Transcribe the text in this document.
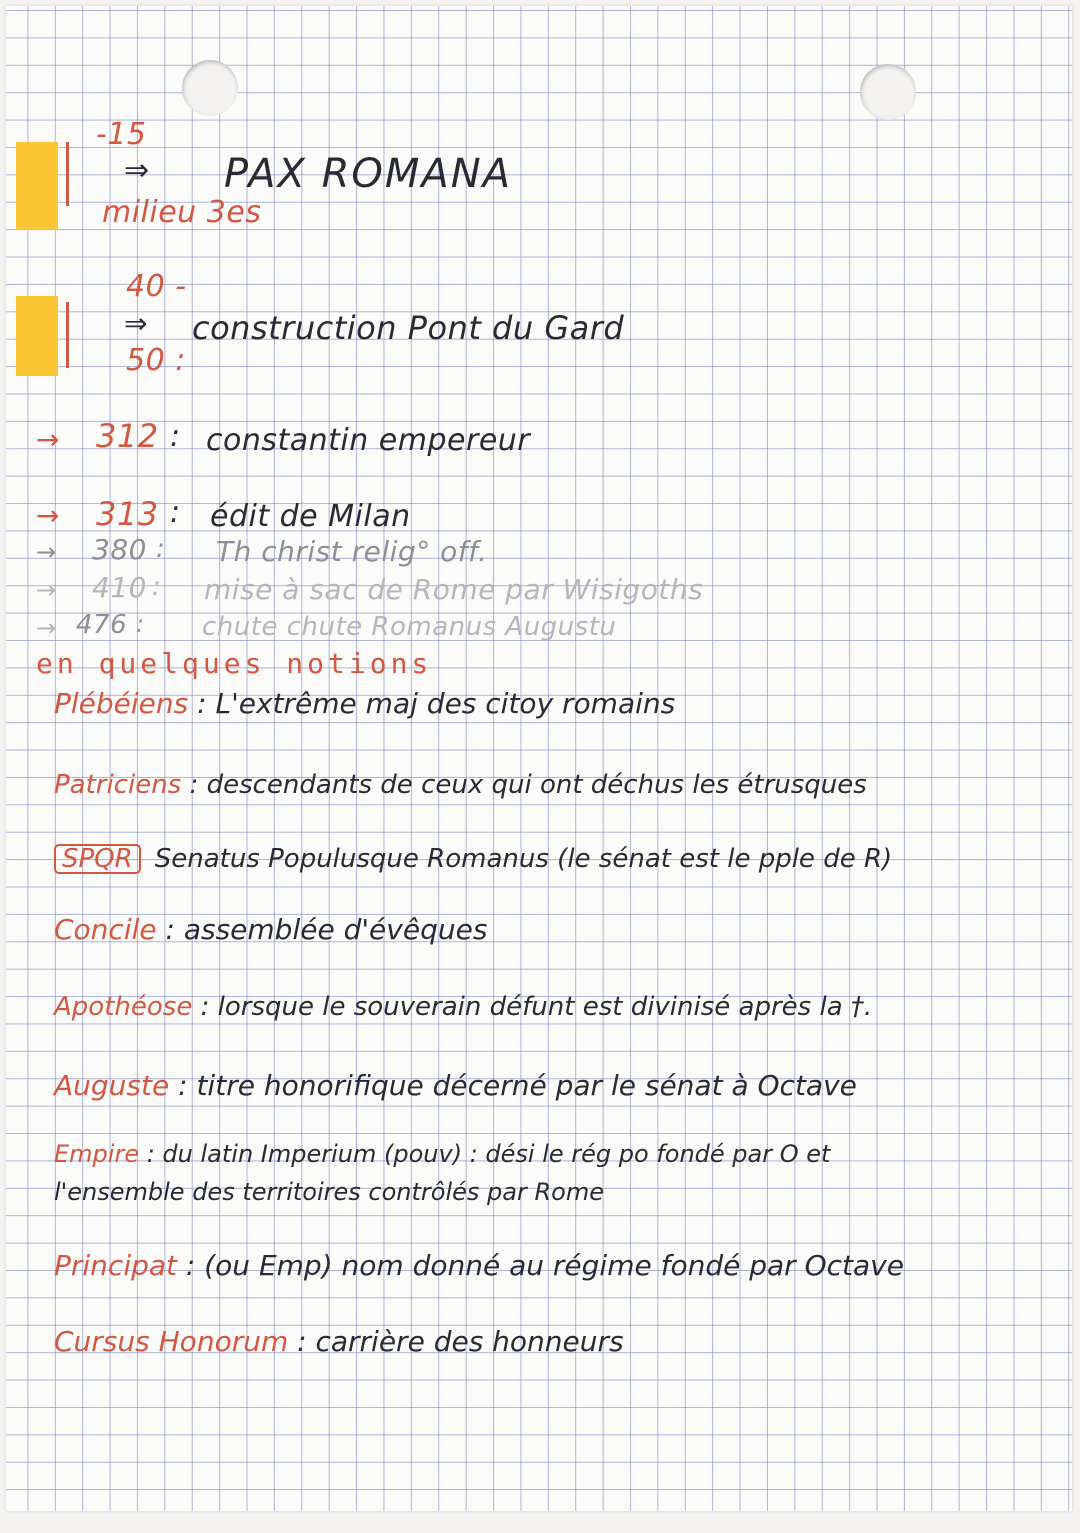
-15
⇒ PAX ROMANA
milieu 3es
40 -
⇒ construction Pont du Gard
50 :
→ 312 : constantin empereur
→ 313 : édit de Milan
→ 380 : Th christ relig° off.
→ 410 : mise à sac de Rome par Wisigoths
→ 476 : chute chute Romanus Augustu
en quelques notions
Plébéiens : L'extrême maj des citoy romains
Patriciens : descendants de ceux qui ont déchus les étrusques
SPQR Senatus Populusque Romanus (le sénat est le pple de R)
Concile : assemblée d'évêques
Apothéose : lorsque le souverain défunt est divinisé après la †.
Auguste : titre honorifique décerné par le sénat à Octave
Empire : du latin Imperium (pouv) : dési le rég po fondé par O et
l'ensemble des territoires contrôlés par Rome
Principat : (ou Emp) nom donné au régime fondé par Octave
Cursus Honorum : carrière des honneurs
